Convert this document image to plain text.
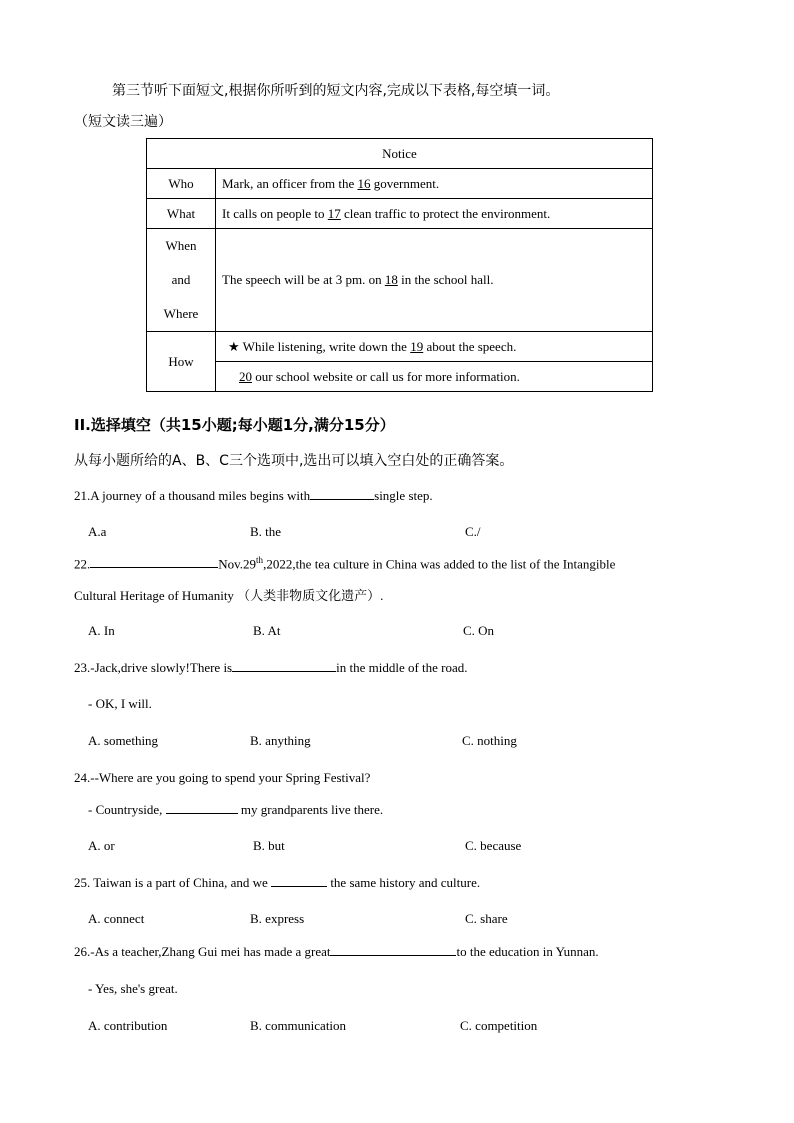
第三节听下面短文,根据你所听到的短文内容,完成以下表格,每空填一词。
（短文读三遍）
Notice	
Who	Mark, an officer from the 16 government.
What	It calls on people to 17 clean traffic to protect the environment.
When
and
Where	The speech will be at 3 pm. on 18 in the school hall.
How	★ While listening, write down the 19 about the speech.
	20 our school website or call us for more information.
II.选择填空（共15小题;每小题1分,满分15分）
从每小题所给的A、B、C三个选项中,选出可以填入空白处的正确答案。
21.A journey of a thousand miles begins with	single step.
A.a	B. the	C./
22.	Nov.29th,2022,the tea culture in China was added to the list of the Intangible
Cultural Heritage of Humanity （人类非物质文化遗产）.
A. In	B. At	C. On
23.-Jack,drive slowly!There is	in the middle of the road.
- OK, I will.
A. something	B. anything	C. nothing
24.--Where are you going to spend your Spring Festival?
- Countryside,	my grandparents live there.
A. or	B. but	C. because
25. Taiwan is a part of China, and we	the same history and culture.
A. connect	B. express	C. share
26.-As a teacher,Zhang Gui mei has made a great	to the education in Yunnan.
- Yes, she's great.
A. contribution	B. communication	C. competition
